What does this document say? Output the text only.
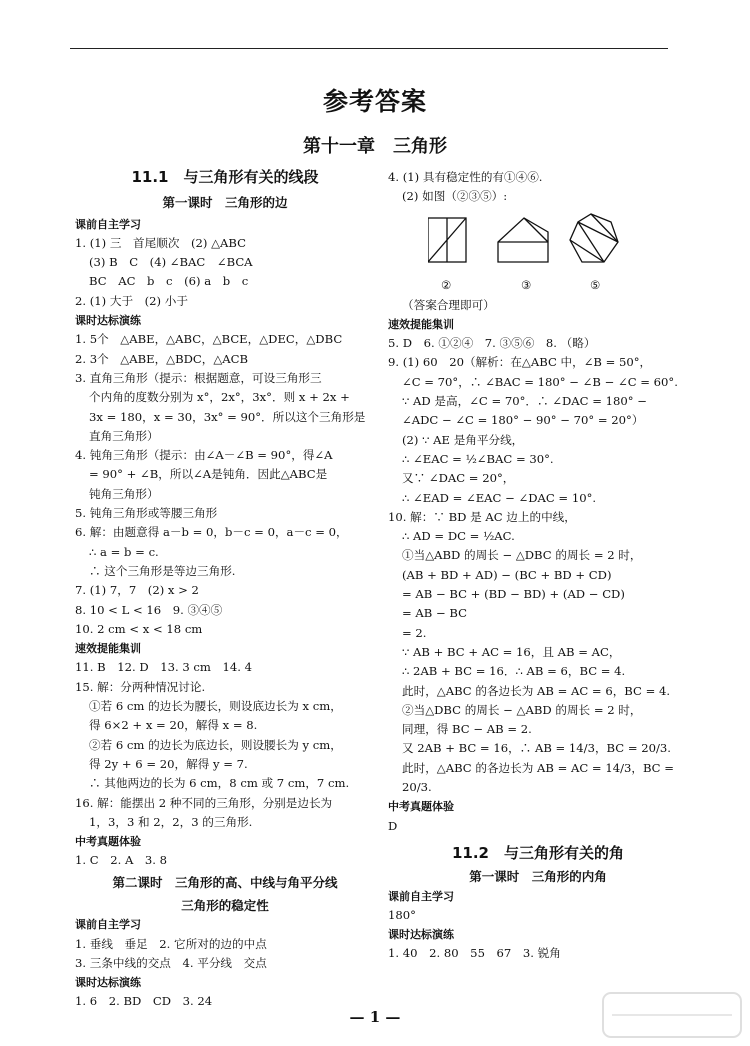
参考答案
第十一章　三角形
11.1　与三角形有关的线段
第一课时　三角形的边
课前自主学习
1. (1) 三　首尾顺次　(2) △ABC
(3) B　C　(4) ∠BAC　∠BCA
BC　AC　b　c　(6) a　b　c
2. (1) 大于　(2) 小于
课时达标演练
1. 5个　△ABE，△ABC，△BCE，△DEC，△DBC
2. 3个　△ABE，△BDC，△ACB
3. 直角三角形（提示：根据题意，可设三角形三
个内角的度数分别为 x°，2x°，3x°．则 x + 2x +
3x = 180，x = 30，3x° = 90°．所以这个三角形是
直角三角形）
4. 钝角三角形（提示：由∠A－∠B = 90°，得∠A
= 90° + ∠B，所以∠A是钝角．因此△ABC是
钝角三角形）
5. 钝角三角形或等腰三角形
6. 解：由题意得 a－b = 0，b－c = 0，a－c = 0，
∴ a = b = c.
∴ 这个三角形是等边三角形.
7. (1) 7，7　(2) x > 2
8. 10 < L < 16　9. ③④⑤
10. 2 cm < x < 18 cm
速效提能集训
11. B　12. D　13. 3 cm　14. 4
15. 解：分两种情况讨论.
①若 6 cm 的边长为腰长，则设底边长为 x cm，
得 6×2 + x = 20，解得 x = 8.
②若 6 cm 的边长为底边长，则设腰长为 y cm，
得 2y + 6 = 20，解得 y = 7.
∴ 其他两边的长为 6 cm，8 cm 或 7 cm，7 cm.
16. 解：能摆出 2 种不同的三角形，分别是边长为
1，3，3 和 2，2，3 的三角形.
中考真题体验
1. C　2. A　3. 8
第二课时　三角形的高、中线与角平分线
三角形的稳定性
课前自主学习
1. 垂线　垂足　2. 它所对的边的中点
3. 三条中线的交点　4. 平分线　交点
课时达标演练
1. 6　2. BD　CD　3. 24
4. (1) 具有稳定性的有①④⑥.
(2) 如图（②③⑤）:
②	③	⑤
（答案合理即可）
速效提能集训
5. D　6. ①②④　7. ③⑤⑥　8. （略）
9. (1) 60　20（解析：在△ABC 中，∠B = 50°，
∠C = 70°，∴ ∠BAC = 180° − ∠B − ∠C = 60°.
∵ AD 是高，∠C = 70°．∴ ∠DAC = 180° −
∠ADC − ∠C = 180° − 90° − 70° = 20°）
(2) ∵ AE 是角平分线，
∴ ∠EAC = ½∠BAC = 30°.
又∵ ∠DAC = 20°，
∴ ∠EAD = ∠EAC − ∠DAC = 10°.
10. 解：∵ BD 是 AC 边上的中线，
∴ AD = DC = ½AC.
①当△ABD 的周长 − △DBC 的周长 = 2 时，
(AB + BD + AD) − (BC + BD + CD)
= AB − BC + (BD − BD) + (AD − CD)
= AB − BC
= 2.
∵ AB + BC + AC = 16，且 AB = AC，
∴ 2AB + BC = 16．∴ AB = 6，BC = 4.
此时，△ABC 的各边长为 AB = AC = 6，BC = 4.
②当△DBC 的周长 − △ABD 的周长 = 2 时，
同理，得 BC − AB = 2.
又 2AB + BC = 16，∴ AB = 14/3，BC = 20/3.
此时，△ABC 的各边长为 AB = AC = 14/3，BC =
20/3.
中考真题体验
D
11.2　与三角形有关的角
第一课时　三角形的内角
课前自主学习
180°
课时达标演练
1. 40　2. 80　55　67　3. 锐角
— 1 —
